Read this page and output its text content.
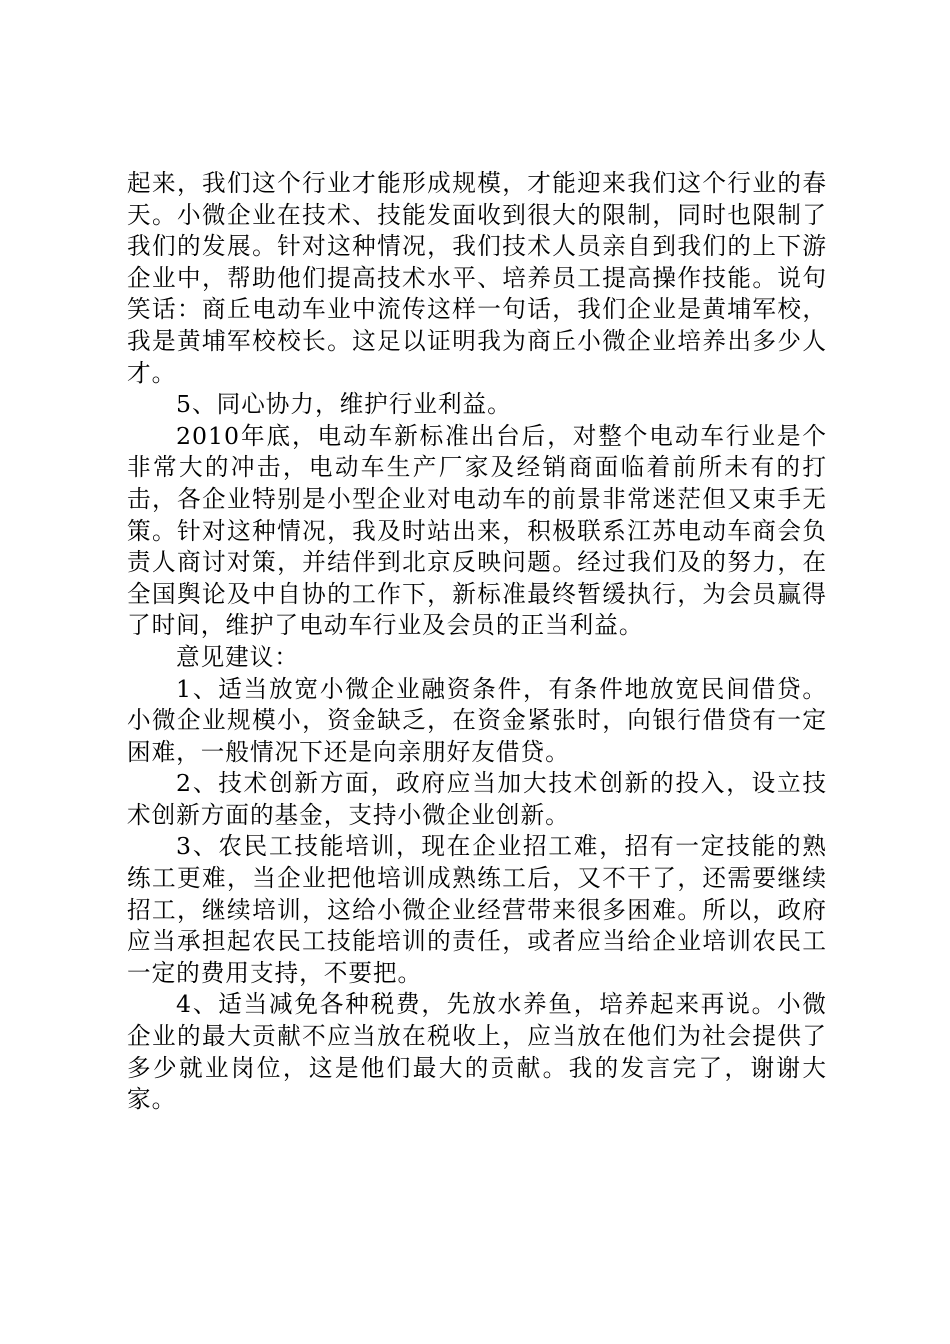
起来，我们这个行业才能形成规模，才能迎来我们这个行业的春天。小微企业在技术、技能发面收到很大的限制，同时也限制了我们的发展。针对这种情况，我们技术人员亲自到我们的上下游企业中，帮助他们提高技术水平、培养员工提高操作技能。说句笑话：商丘电动车业中流传这样一句话，我们企业是黄埔军校，我是黄埔军校校长。这足以证明我为商丘小微企业培养出多少人才。

5、同心协力，维护行业利益。

2010年底，电动车新标准出台后，对整个电动车行业是个非常大的冲击，电动车生产厂家及经销商面临着前所未有的打击，各企业特别是小型企业对电动车的前景非常迷茫但又束手无策。针对这种情况，我及时站出来，积极联系江苏电动车商会负责人商讨对策，并结伴到北京反映问题。经过我们及的努力，在全国舆论及中自协的工作下，新标准最终暂缓执行，为会员赢得了时间，维护了电动车行业及会员的正当利益。

意见建议：

1、适当放宽小微企业融资条件，有条件地放宽民间借贷。小微企业规模小，资金缺乏，在资金紧张时，向银行借贷有一定困难，一般情况下还是向亲朋好友借贷。

2、技术创新方面，政府应当加大技术创新的投入，设立技术创新方面的基金，支持小微企业创新。

3、农民工技能培训，现在企业招工难，招有一定技能的熟练工更难，当企业把他培训成熟练工后，又不干了，还需要继续招工，继续培训，这给小微企业经营带来很多困难。所以，政府应当承担起农民工技能培训的责任，或者应当给企业培训农民工一定的费用支持，不要把。

4、适当减免各种税费，先放水养鱼，培养起来再说。小微企业的最大贡献不应当放在税收上，应当放在他们为社会提供了多少就业岗位，这是他们最大的贡献。我的发言完了，谢谢大家。
